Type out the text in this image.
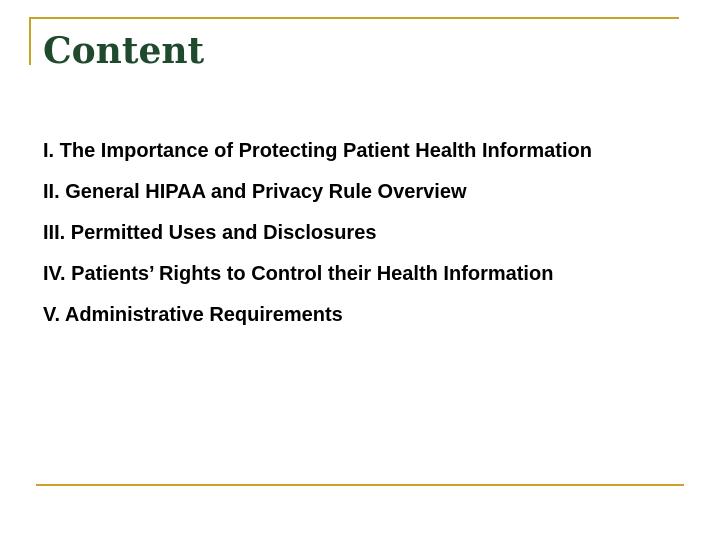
Content
I. The Importance of Protecting Patient Health Information
II. General HIPAA and Privacy Rule Overview
III. Permitted Uses and Disclosures
IV. Patients’ Rights to Control their Health Information
V. Administrative Requirements
